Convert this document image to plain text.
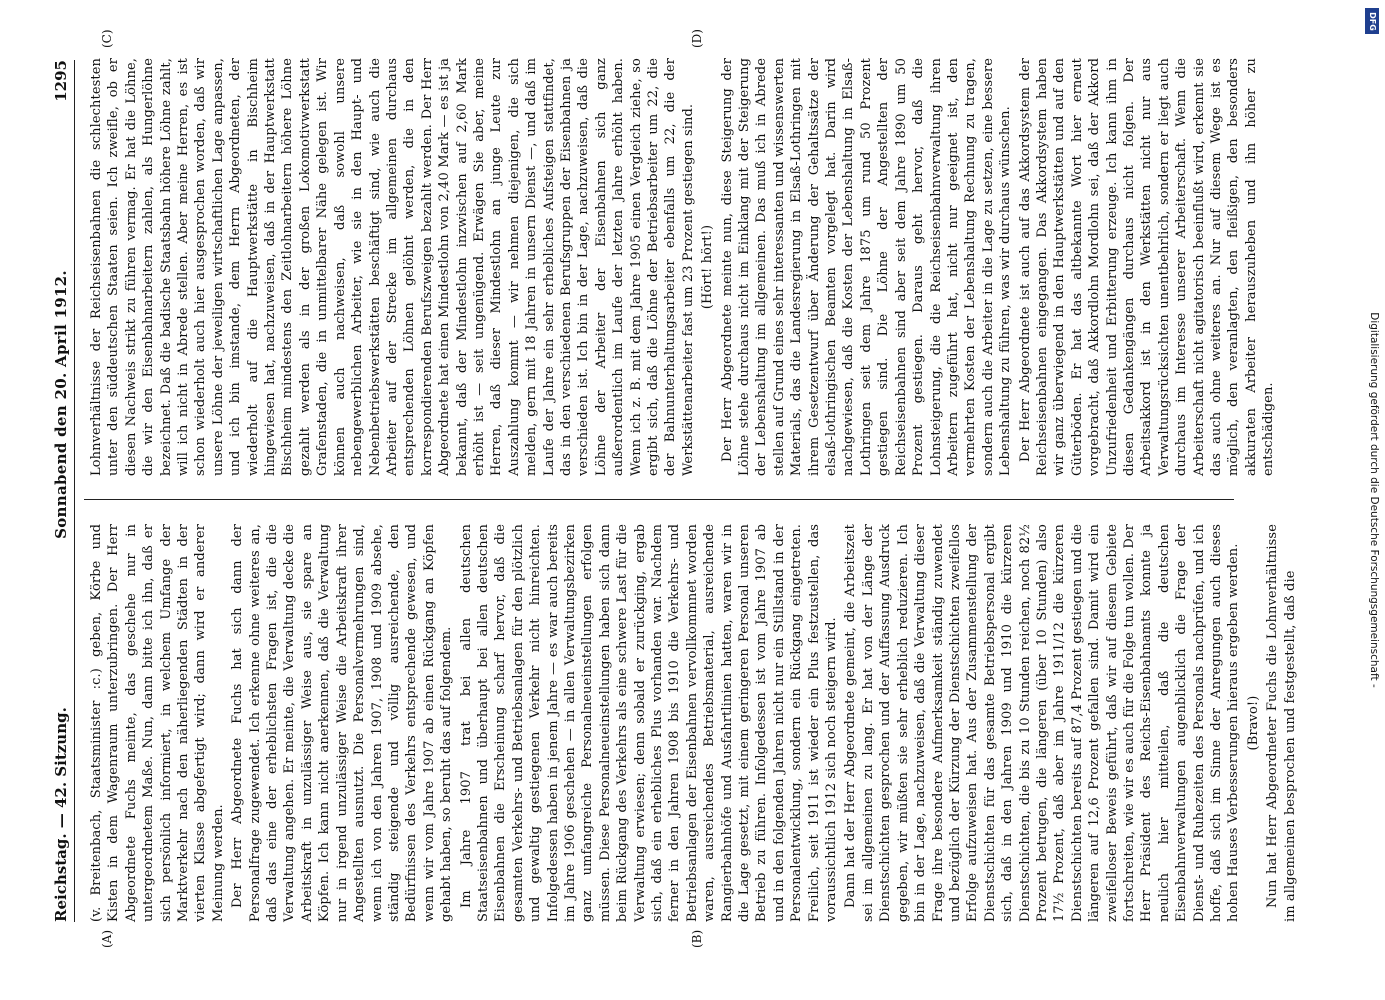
Reichstag. — 42. Sitzung.
Sonnabend den 20. April 1912.
1295
(A)	(B)
(C)	(D)

(v. Breitenbach, Staatsminister :c.) geben, Körbe und Kisten in dem Wagenraum unterzubringen. Der Herr Abgeordnete Fuchs meinte, das geschehe nur in untergeordnetem Maße. Nun, dann bitte ich ihn, daß er sich persönlich informiert, in welchem Umfange der Marktverkehr nach den näherliegenden Städten in der vierten Klasse abgefertigt wird; dann wird er anderer Meinung werden. Der Herr Abgeordnete Fuchs hat sich dann der Personalfrage zugewendet. Ich erkenne ohne weiteres an, daß das eine der erheblichsten Fragen ist, die die Verwaltung angehen. Er meinte, die Verwaltung decke die Arbeitskraft in unzulässiger Weise aus, sie spare an Köpfen. Ich kann nicht anerkennen, daß die Verwaltung nur in irgend unzulässiger Weise die Arbeitskraft ihrer Angestellten ausnutzt. Die Personalvermehrungen sind, wenn ich von den Jahren 1907, 1908 und 1909 absehe, ständig steigende und völlig ausreichende, den Bedürfnissen des Verkehrs entsprechende gewesen, und wenn wir vom Jahre 1907 ab einen Rückgang an Köpfen gehabt haben, so beruht das auf folgendem. Im Jahre 1907 trat bei allen deutschen Staatseisenbahnen und überhaupt bei allen deutschen Eisenbahnen die Erscheinung scharf hervor, daß die gesamten Verkehrs- und Betriebsanlagen für den plötzlich und gewaltig gestiegenen Verkehr nicht hinreichten. Infolgedessen haben in jenem Jahre — es war auch bereits im Jahre 1906 geschehen — in allen Verwaltungsbezirken ganz umfangreiche Personalneueinstellungen erfolgen müssen. Diese Personalneueinstellungen haben sich dann beim Rückgang des Verkehrs als eine schwere Last für die Verwaltung erwiesen; denn sobald er zurückging, ergab sich, daß ein erhebliches Plus vorhanden war. Nachdem ferner in den Jahren 1908 bis 1910 die Verkehrs- und Betriebsanlagen der Eisenbahnen vervollkommnet worden waren, ausreichendes Betriebsmaterial, ausreichende Rangierbahnhöfe und Ausfahrtlinien hatten, waren wir in die Lage gesetzt, mit einem geringeren Personal unseren Betrieb zu führen. Infolgedessen ist vom Jahre 1907 ab und in den folgenden Jahren nicht nur ein Stillstand in der Personalentwicklung, sondern ein Rückgang eingetreten. Freilich, seit 1911 ist wieder ein Plus festzustellen, das voraussichtlich 1912 sich noch steigern wird. Dann hat der Herr Abgeordnete gemeint, die Arbeitszeit sei im allgemeinen zu lang. Er hat von der Länge der Dienstschichten gesprochen und der Auffassung Ausdruck gegeben, wir müßten sie sehr erheblich reduzieren. Ich bin in der Lage, nachzuweisen, daß die Verwaltung dieser Frage ihre besondere Aufmerksamkeit ständig zuwendet und bezüglich der Kürzung der Dienstschichten zweifellos Erfolge aufzuweisen hat. Aus der Zusammenstellung der Dienstschichten für das gesamte Betriebspersonal ergibt sich, daß in den Jahren 1909 und 1910 die kürzeren Dienstschichten, die bis zu 10 Stunden reichen, noch 82½ Prozent betrugen, die längeren (über 10 Stunden) also 17½ Prozent, daß aber im Jahre 1911/12 die kürzeren Dienstschichten bereits auf 87,4 Prozent gestiegen und die längeren auf 12,6 Prozent gefallen sind. Damit wird ein zweifelloser Beweis geführt, daß wir auf diesem Gebiete fortschreiten, wie wir es auch für die Folge tun wollen. Der Herr Präsident des Reichs-Eisenbahnamts konnte ja neulich hier mitteilen, daß die deutschen Eisenbahnverwaltungen augenblicklich die Frage der Dienst- und Ruhezeiten des Personals nachprüfen, und ich hoffe, daß sich im Sinne der Anregungen auch dieses hohen Hauses Verbesserungen hieraus ergeben werden. (Bravo!) Nun hat Herr Abgeordneter Fuchs die Lohnverhältnisse im allgemeinen besprochen und festgestellt, daß die

Lohnverhältnisse der Reichseisenbahnen die schlechtesten unter den süddeutschen Staaten seien. Ich zweifle, ob er diesen Nachweis strikt zu führen vermag. Er hat die Löhne, die wir den Eisenbahnarbeitern zahlen, als Hungerlöhne bezeichnet. Daß die badische Staatsbahn höhere Löhne zahlt, will ich nicht in Abrede stellen. Aber meine Herren, es ist schon wiederholt auch hier ausgesprochen worden, daß wir unsere Löhne der jeweiligen wirtschaftlichen Lage anpassen, und ich bin imstande, dem Herrn Abgeordneten, der wiederholt auf die Hauptwerkstätte in Bischheim hingewiesen hat, nachzuweisen, daß in der Hauptwerkstatt Bischheim mindestens den Zeitlohnarbeitern höhere Löhne gezahlt werden als in der großen Lokomotivwerkstatt Grafenstaden, die in unmittelbarer Nähe gelegen ist. Wir können auch nachweisen, daß sowohl unsere nebengewerblichen Arbeiter, wie sie in den Haupt- und Nebenbetriebswerkstätten beschäftigt sind, wie auch die Arbeiter auf der Strecke im allgemeinen durchaus entsprechenden Löhnen gelöhnt werden, die in den korrespondierenden Berufszweigen bezahlt werden. Der Herr Abgeordnete hat einen Mindestlohn von 2,40 Mark — es ist ja bekannt, daß der Mindestlohn inzwischen auf 2,60 Mark erhöht ist — seit ungenügend. Erwägen Sie aber, meine Herren, daß dieser Mindestlohn an junge Leute zur Auszahlung kommt — wir nehmen diejenigen, die sich melden, gern mit 18 Jahren in unsern Dienst —, und daß im Laufe der Jahre ein sehr erhebliches Aufsteigen stattfindet, das in den verschiedenen Berufsgruppen der Eisenbahnen ja verschieden ist. Ich bin in der Lage, nachzuweisen, daß die Löhne der Arbeiter der Eisenbahnen sich ganz außerordentlich im Laufe der letzten Jahre erhöht haben. Wenn ich z. B. mit dem Jahre 1905 einen Vergleich ziehe, so ergibt sich, daß die Löhne der Betriebsarbeiter um 22, die der Bahnunterhaltungsarbeiter ebenfalls um 22, die der Werkstättenarbeiter fast um 23 Prozent gestiegen sind. (Hört! hört!) Der Herr Abgeordnete meinte nun, diese Steigerung der Löhne stehe durchaus nicht im Einklang mit der Steigerung der Lebenshaltung im allgemeinen. Das muß ich in Abrede stellen auf Grund eines sehr interessanten und wissenswerten Materials, das die Landesregierung in Elsaß-Lothringen mit ihrem Gesetzentwurf über Änderung der Gehaltssätze der elsaß-lothringischen Beamten vorgelegt hat. Darin wird nachgewiesen, daß die Kosten der Lebenshaltung in Elsaß-Lothringen seit dem Jahre 1875 um rund 50 Prozent gestiegen sind. Die Löhne der Angestellten der Reichseisenbahnen sind aber seit dem Jahre 1890 um 50 Prozent gestiegen. Daraus geht hervor, daß die Lohnsteigerung, die die Reichseisenbahnverwaltung ihren Arbeitern zugeführt hat, nicht nur geeignet ist, den vermehrten Kosten der Lebenshaltung Rechnung zu tragen, sondern auch die Arbeiter in die Lage zu setzen, eine bessere Lebenshaltung zu führen, was wir durchaus wünschen. Der Herr Abgeordnete ist auch auf das Akkordsystem der Reichseisenbahnen eingegangen. Das Akkordsystem haben wir ganz überwiegend in den Hauptwerkstätten und auf den Güterböden. Er hat das altbekannte Wort hier erneut vorgebracht, daß Akkordlohn Mordlohn sei, daß der Akkord Unzufriedenheit und Erbitterung erzeuge. Ich kann ihm in diesen Gedankengängen durchaus nicht folgen. Der Arbeitsakkord ist in den Werkstätten nicht nur aus Verwaltungsrücksichten unentbehrlich, sondern er liegt auch durchaus im Interesse unserer Arbeiterschaft. Wenn die Arbeiterschaft nicht agitatorisch beeinflußt wird, erkennt sie das auch ohne weiteres an. Nur auf diesem Wege ist es möglich, den veranlagten, den fleißigen, den besonders akkuraten Arbeiter herauszuheben und ihn höher zu entschädigen.	Digitalisierung gefördert durch die Deutsche Forschungsgemeinschaft -
DFG
